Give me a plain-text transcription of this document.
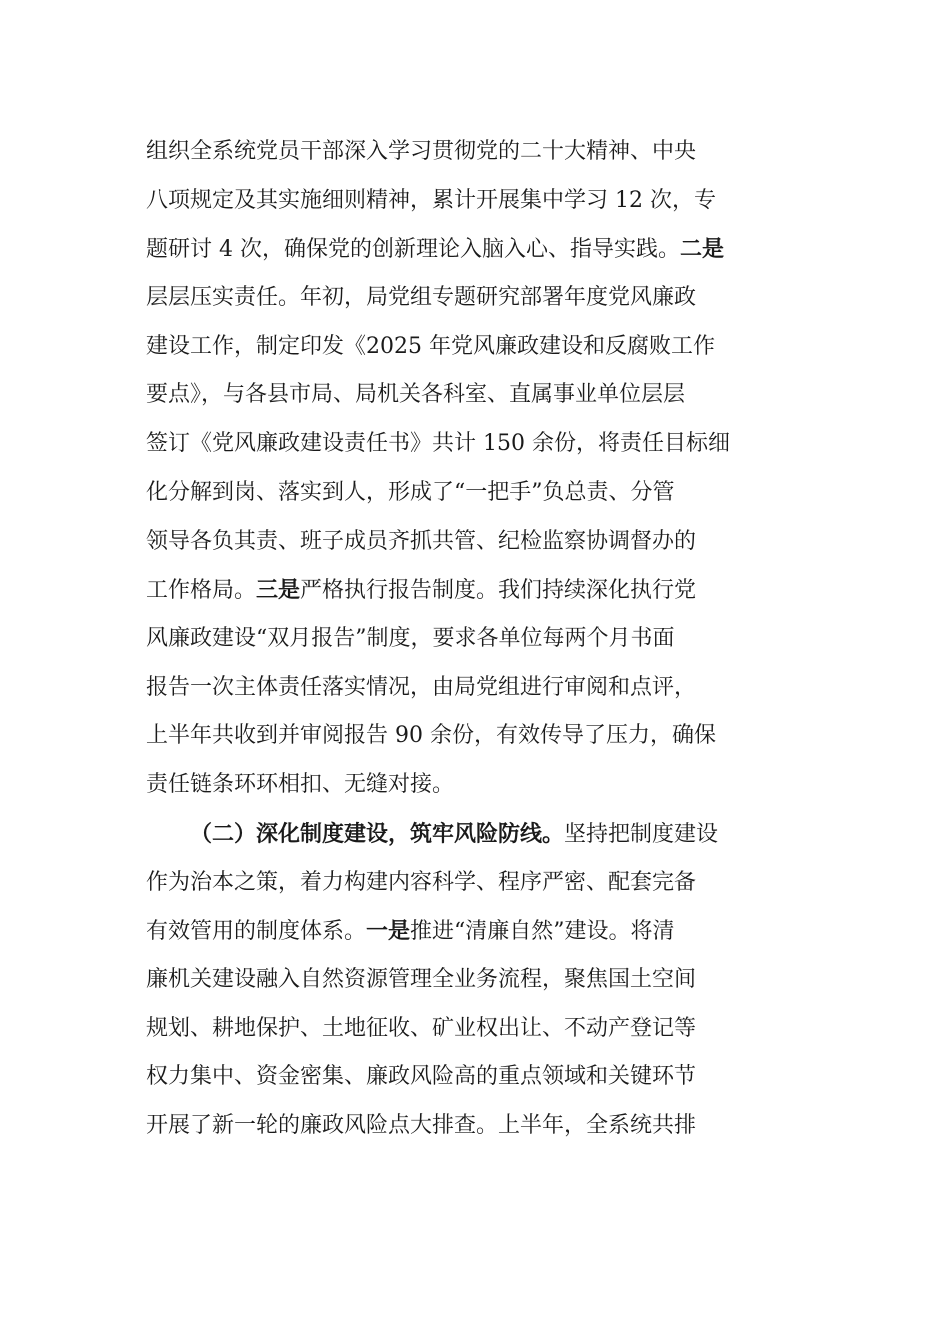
组织全系统党员干部深入学习贯彻党的二十大精神、中央
八项规定及其实施细则精神，累计开展集中学习 12 次，专
题研讨 4 次，确保党的创新理论入脑入心、指导实践。二是
层层压实责任。年初，局党组专题研究部署年度党风廉政
建设工作，制定印发《2025 年党风廉政建设和反腐败工作
要点》，与各县市局、局机关各科室、直属事业单位层层
签订《党风廉政建设责任书》共计 150 余份，将责任目标细
化分解到岗、落实到人，形成了“一把手”负总责、分管
领导各负其责、班子成员齐抓共管、纪检监察协调督办的
工作格局。三是严格执行报告制度。我们持续深化执行党
风廉政建设“双月报告”制度，要求各单位每两个月书面
报告一次主体责任落实情况，由局党组进行审阅和点评，
上半年共收到并审阅报告 90 余份，有效传导了压力，确保
责任链条环环相扣、无缝对接。
（二）深化制度建设，筑牢风险防线。坚持把制度建设
作为治本之策，着力构建内容科学、程序严密、配套完备
有效管用的制度体系。一是推进“清廉自然”建设。将清
廉机关建设融入自然资源管理全业务流程，聚焦国土空间
规划、耕地保护、土地征收、矿业权出让、不动产登记等
权力集中、资金密集、廉政风险高的重点领域和关键环节
开展了新一轮的廉政风险点大排查。上半年，全系统共排
